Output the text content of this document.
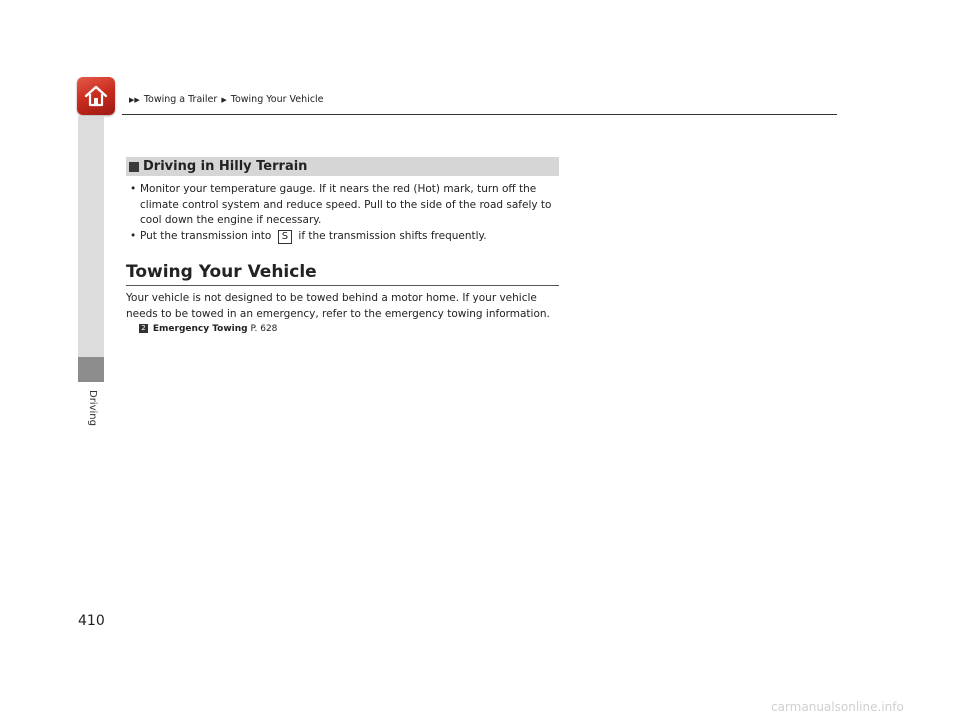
▶▶ Towing a Trailer ▶ Towing Your Vehicle
Driving
Driving in Hilly Terrain
• Monitor your temperature gauge. If it nears the red (Hot) mark, turn off the climate control system and reduce speed. Pull to the side of the road safely to cool down the engine if necessary.
• Put the transmission into S if the transmission shifts frequently.
Towing Your Vehicle
Your vehicle is not designed to be towed behind a motor home. If your vehicle needs to be towed in an emergency, refer to the emergency towing information.
2 Emergency Towing P. 628
410
carmanualsonline.info
